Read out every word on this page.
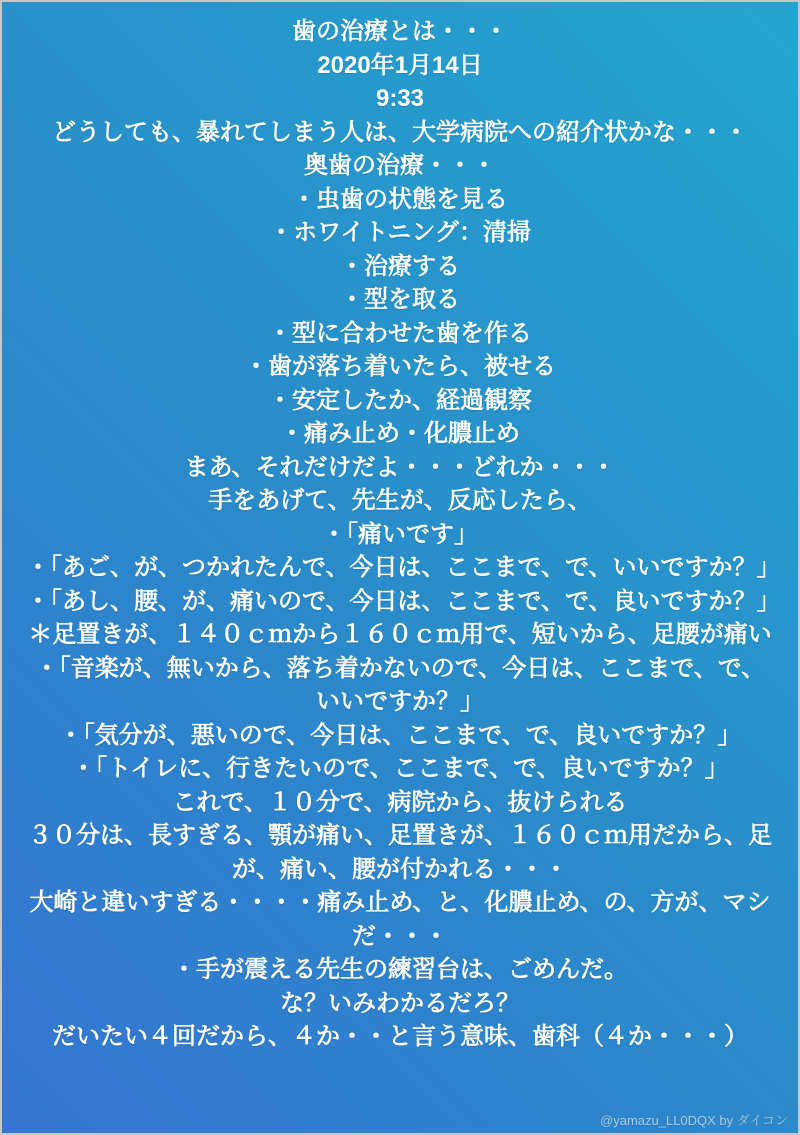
歯の治療とは・・・
2020年1月14日
9:33
どうしても、暴れてしまう人は、大学病院への紹介状かな・・・
奥歯の治療・・・
・虫歯の状態を見る
・ホワイトニング：清掃
・治療する
・型を取る
・型に合わせた歯を作る
・歯が落ち着いたら、被せる
・安定したか、経過観察
・痛み止め・化膿止め
まあ、それだけだよ・・・どれか・・・
手をあげて、先生が、反応したら、
・「痛いです」
・「あご、が、つかれたんで、今日は、ここまで、で、いいですか？」
・「あし、腰、が、痛いので、今日は、ここまで、で、良いですか？」
＊足置きが、１４０ｃｍから１６０ｃｍ用で、短いから、足腰が痛い
・「音楽が、無いから、落ち着かないので、今日は、ここまで、で、いいですか？」
・「気分が、悪いので、今日は、ここまで、で、良いですか？」
・「トイレに、行きたいので、ここまで、で、良いですか？」
これで、１０分で、病院から、抜けられる
３０分は、長すぎる、顎が痛い、足置きが、１６０ｃｍ用だから、足が、痛い、腰が付かれる・・・
大崎と違いすぎる・・・・痛み止め、と、化膿止め、の、方が、マシだ・・・
・手が震える先生の練習台は、ごめんだ。
な？いみわかるだろ？
だいたい４回だから、４か・・と言う意味、歯科（４か・・・）
@yamazu_LL0DQX by ダイコン
